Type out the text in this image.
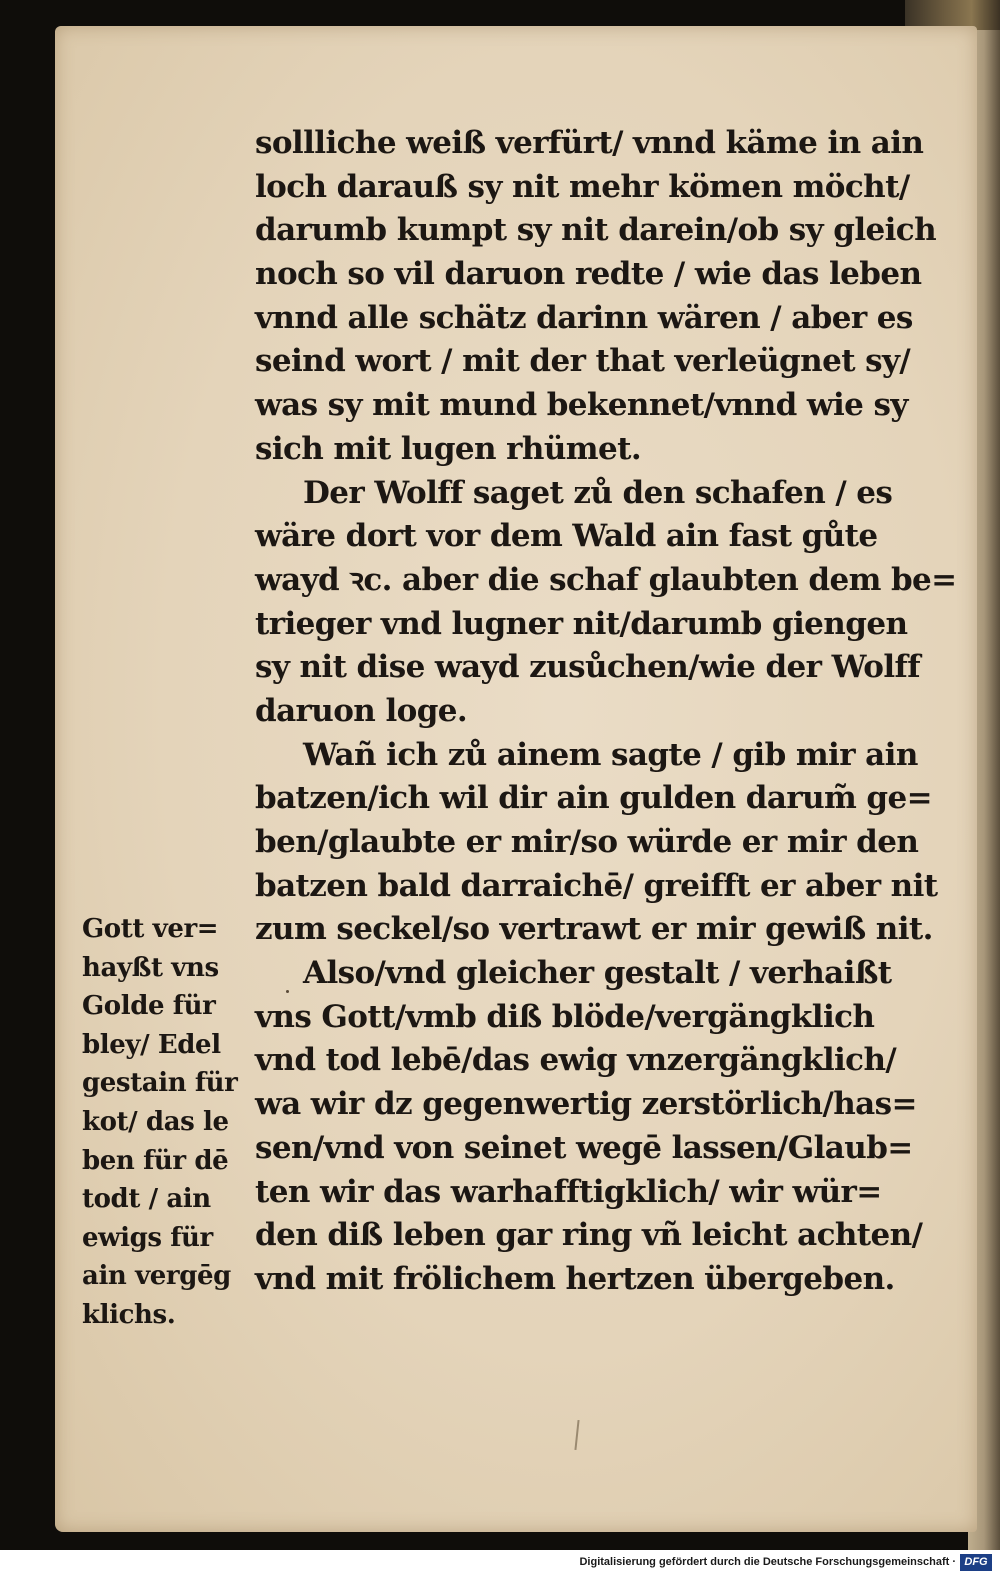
sollliche weiß verfürt/ vnnd käme in ain
loch darauß sy nit mehr kömen möcht/
darumb kumpt sy nit darein/ob sy gleich
noch so vil daruon redte / wie das leben
vnnd alle schätz darinn wären / aber es
seind wort / mit der that verleügnet sy/
was sy mit mund bekennet/vnnd wie sy
sich mit lugen rhümet.
Der Wolff saget zů den schafen / es
wäre dort vor dem Wald ain fast gůte
wayd ꝛc. aber die schaf glaubten dem be=
trieger vnd lugner nit/darumb giengen
sy nit dise wayd zusůchen/wie der Wolff
daruon loge.
Wañ ich zů ainem sagte / gib mir ain
batzen/ich wil dir ain gulden darum̃ ge=
ben/glaubte er mir/so würde er mir den
batzen bald darraichē/ greifft er aber nit
zum seckel/so vertrawt er mir gewiß nit.
Also/vnd gleicher gestalt / verhaißt
vns Gott/vmb diß blöde/vergängklich
vnd tod lebē/das ewig vnzergängklich/
wa wir dz gegenwertig zerstörlich/has=
sen/vnd von seinet wegē lassen/Glaub=
ten wir das warhafftigklich/ wir wür=
den diß leben gar ring vñ leicht achten/
vnd mit frölichem hertzen übergeben.
Gott ver=
hayßt vns
Golde für
bley/ Edel
gestain für
kot/ das le
ben für dē
todt / ain
ewigs für
ain vergēg
klichs.
Digitalisierung gefördert durch die Deutsche Forschungsgemeinschaft · DFG
